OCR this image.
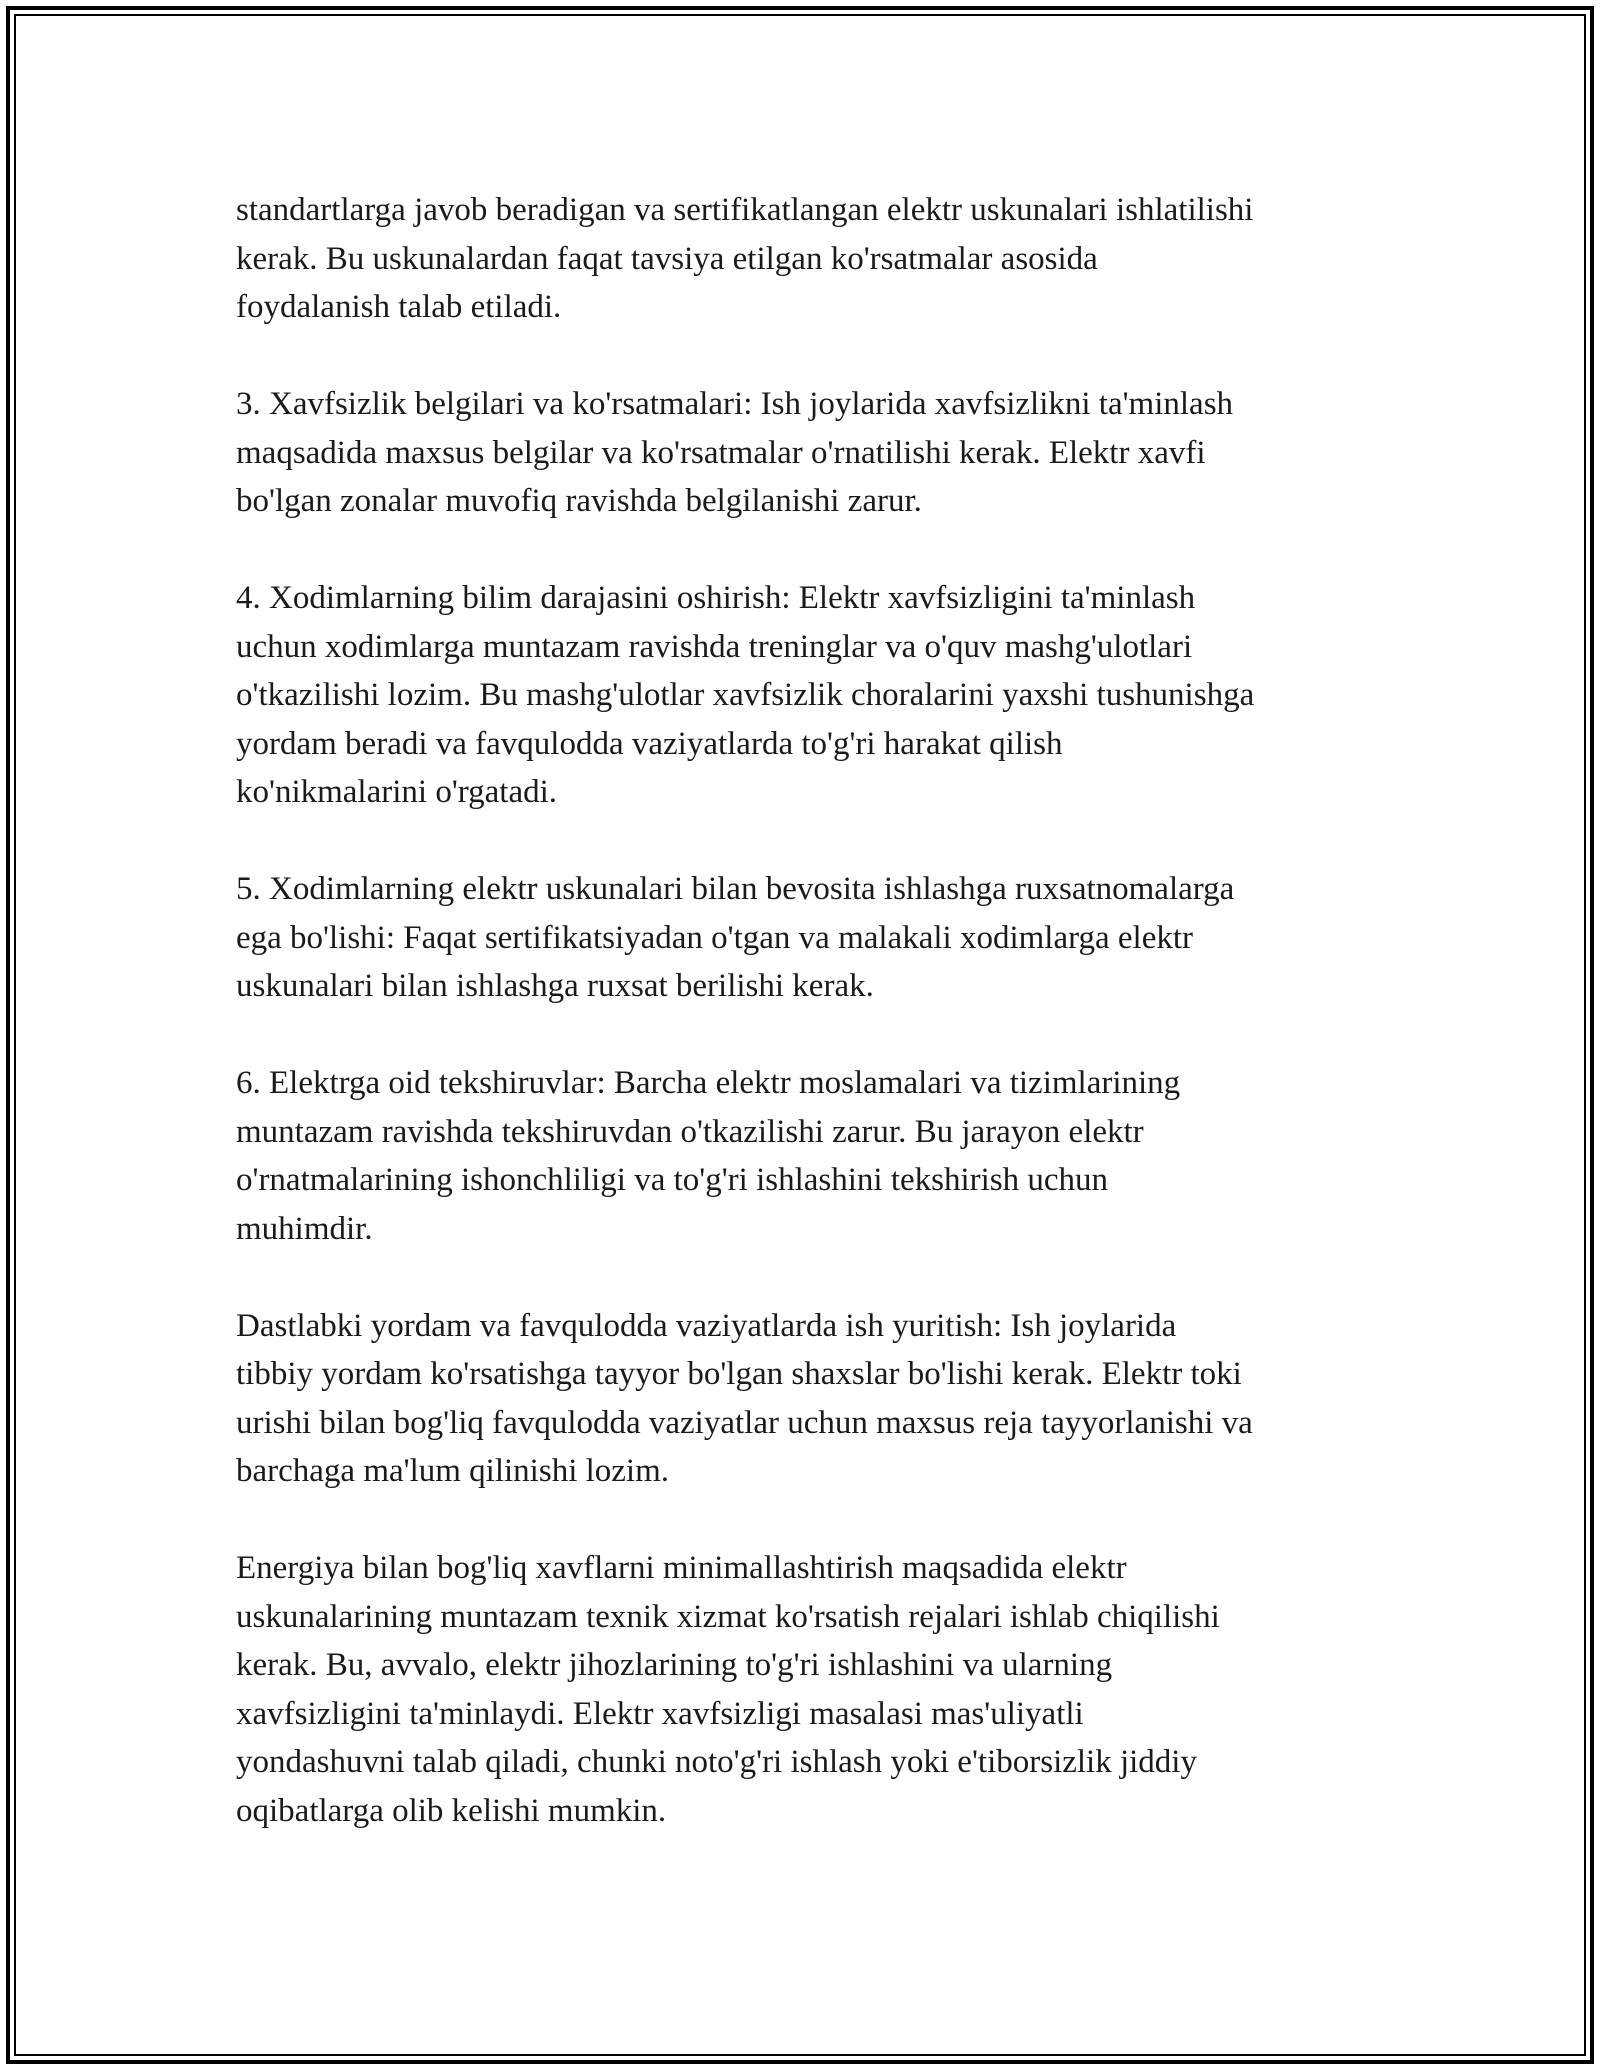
standartlarga javob beradigan va sertifikatlangan elektr uskunalari ishlatilishi
kerak. Bu uskunalardan faqat tavsiya etilgan ko'rsatmalar asosida
foydalanish talab etiladi.

3. Xavfsizlik belgilari va ko'rsatmalari: Ish joylarida xavfsizlikni ta'minlash
maqsadida maxsus belgilar va ko'rsatmalar o'rnatilishi kerak. Elektr xavfi
bo'lgan zonalar muvofiq ravishda belgilanishi zarur.

4. Xodimlarning bilim darajasini oshirish: Elektr xavfsizligini ta'minlash
uchun xodimlarga muntazam ravishda treninglar va o'quv mashg'ulotlari
o'tkazilishi lozim. Bu mashg'ulotlar xavfsizlik choralarini yaxshi tushunishga
yordam beradi va favqulodda vaziyatlarda to'g'ri harakat qilish
ko'nikmalarini o'rgatadi.

5. Xodimlarning elektr uskunalari bilan bevosita ishlashga ruxsatnomalarga
ega bo'lishi: Faqat sertifikatsiyadan o'tgan va malakali xodimlarga elektr
uskunalari bilan ishlashga ruxsat berilishi kerak.

6. Elektrga oid tekshiruvlar: Barcha elektr moslamalari va tizimlarining
muntazam ravishda tekshiruvdan o'tkazilishi zarur. Bu jarayon elektr
o'rnatmalarining ishonchliligi va to'g'ri ishlashini tekshirish uchun
muhimdir.

Dastlabki yordam va favqulodda vaziyatlarda ish yuritish: Ish joylarida
tibbiy yordam ko'rsatishga tayyor bo'lgan shaxslar bo'lishi kerak. Elektr toki
urishi bilan bog'liq favqulodda vaziyatlar uchun maxsus reja tayyorlanishi va
barchaga ma'lum qilinishi lozim.

Energiya bilan bog'liq xavflarni minimallashtirish maqsadida elektr
uskunalarining muntazam texnik xizmat ko'rsatish rejalari ishlab chiqilishi
kerak. Bu, avvalo, elektr jihozlarining to'g'ri ishlashini va ularning
xavfsizligini ta'minlaydi. Elektr xavfsizligi masalasi mas'uliyatli
yondashuvni talab qiladi, chunki noto'g'ri ishlash yoki e'tiborsizlik jiddiy
oqibatlarga olib kelishi mumkin.
